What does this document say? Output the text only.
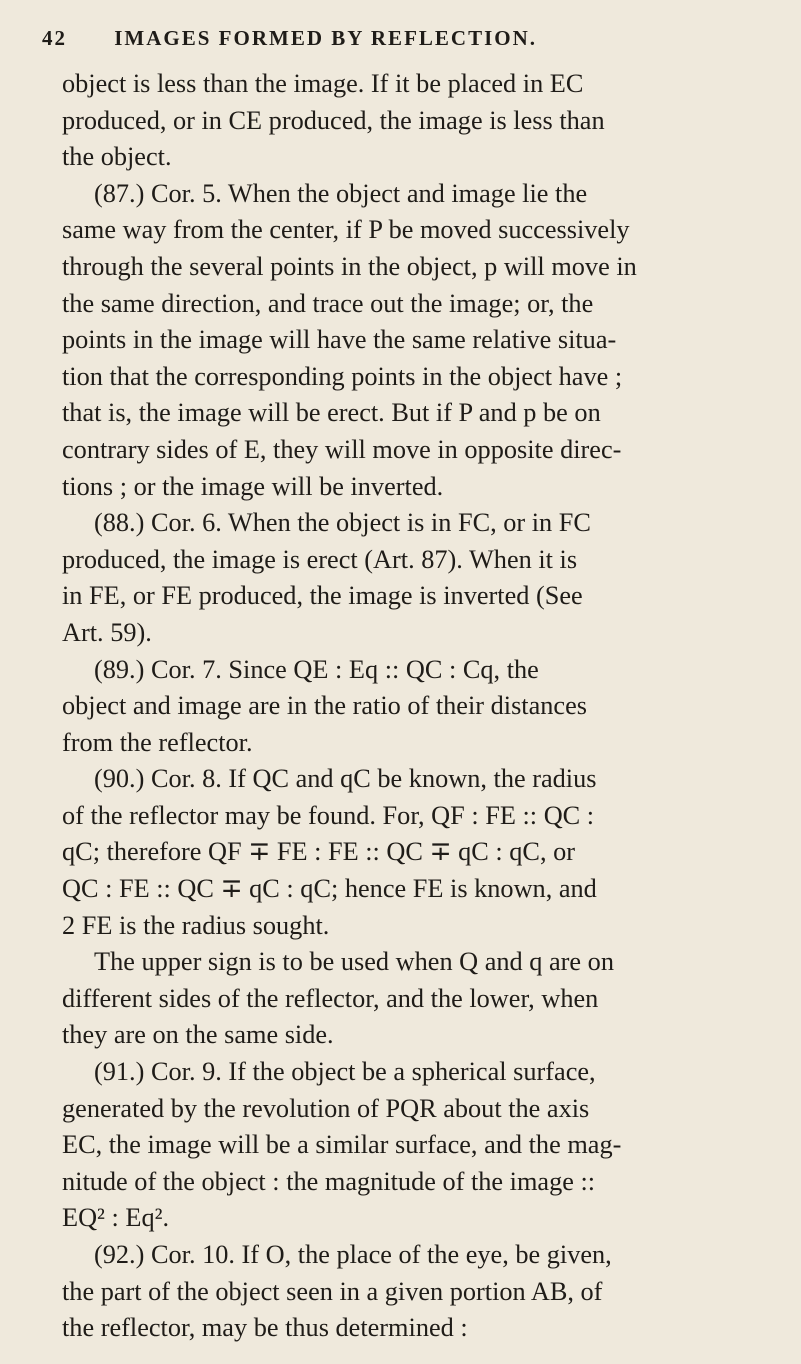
42 IMAGES FORMED BY REFLECTION.
object is less than the image. If it be placed in EC
produced, or in CE produced, the image is less than
the object.
(87.) Cor. 5. When the object and image lie the
same way from the center, if P be moved successively
through the several points in the object, p will move in
the same direction, and trace out the image; or, the
points in the image will have the same relative situa-
tion that the corresponding points in the object have ;
that is, the image will be erect. But if P and p be on
contrary sides of E, they will move in opposite direc-
tions ; or the image will be inverted.
(88.) Cor. 6. When the object is in FC, or in FC
produced, the image is erect (Art. 87). When it is
in FE, or FE produced, the image is inverted (See
Art. 59).
(89.) Cor. 7. Since QE : Eq :: QC : Cq, the
object and image are in the ratio of their distances
from the reflector.
(90.) Cor. 8. If QC and qC be known, the radius
of the reflector may be found. For, QF : FE :: QC :
qC; therefore QF ∓ FE : FE :: QC ∓ qC : qC, or
QC : FE :: QC ∓ qC : qC; hence FE is known, and
2 FE is the radius sought.
The upper sign is to be used when Q and q are on
different sides of the reflector, and the lower, when
they are on the same side.
(91.) Cor. 9. If the object be a spherical surface,
generated by the revolution of PQR about the axis
EC, the image will be a similar surface, and the mag-
nitude of the object : the magnitude of the image ::
EQ² : Eq².
(92.) Cor. 10. If O, the place of the eye, be given,
the part of the object seen in a given portion AB, of
the reflector, may be thus determined :
